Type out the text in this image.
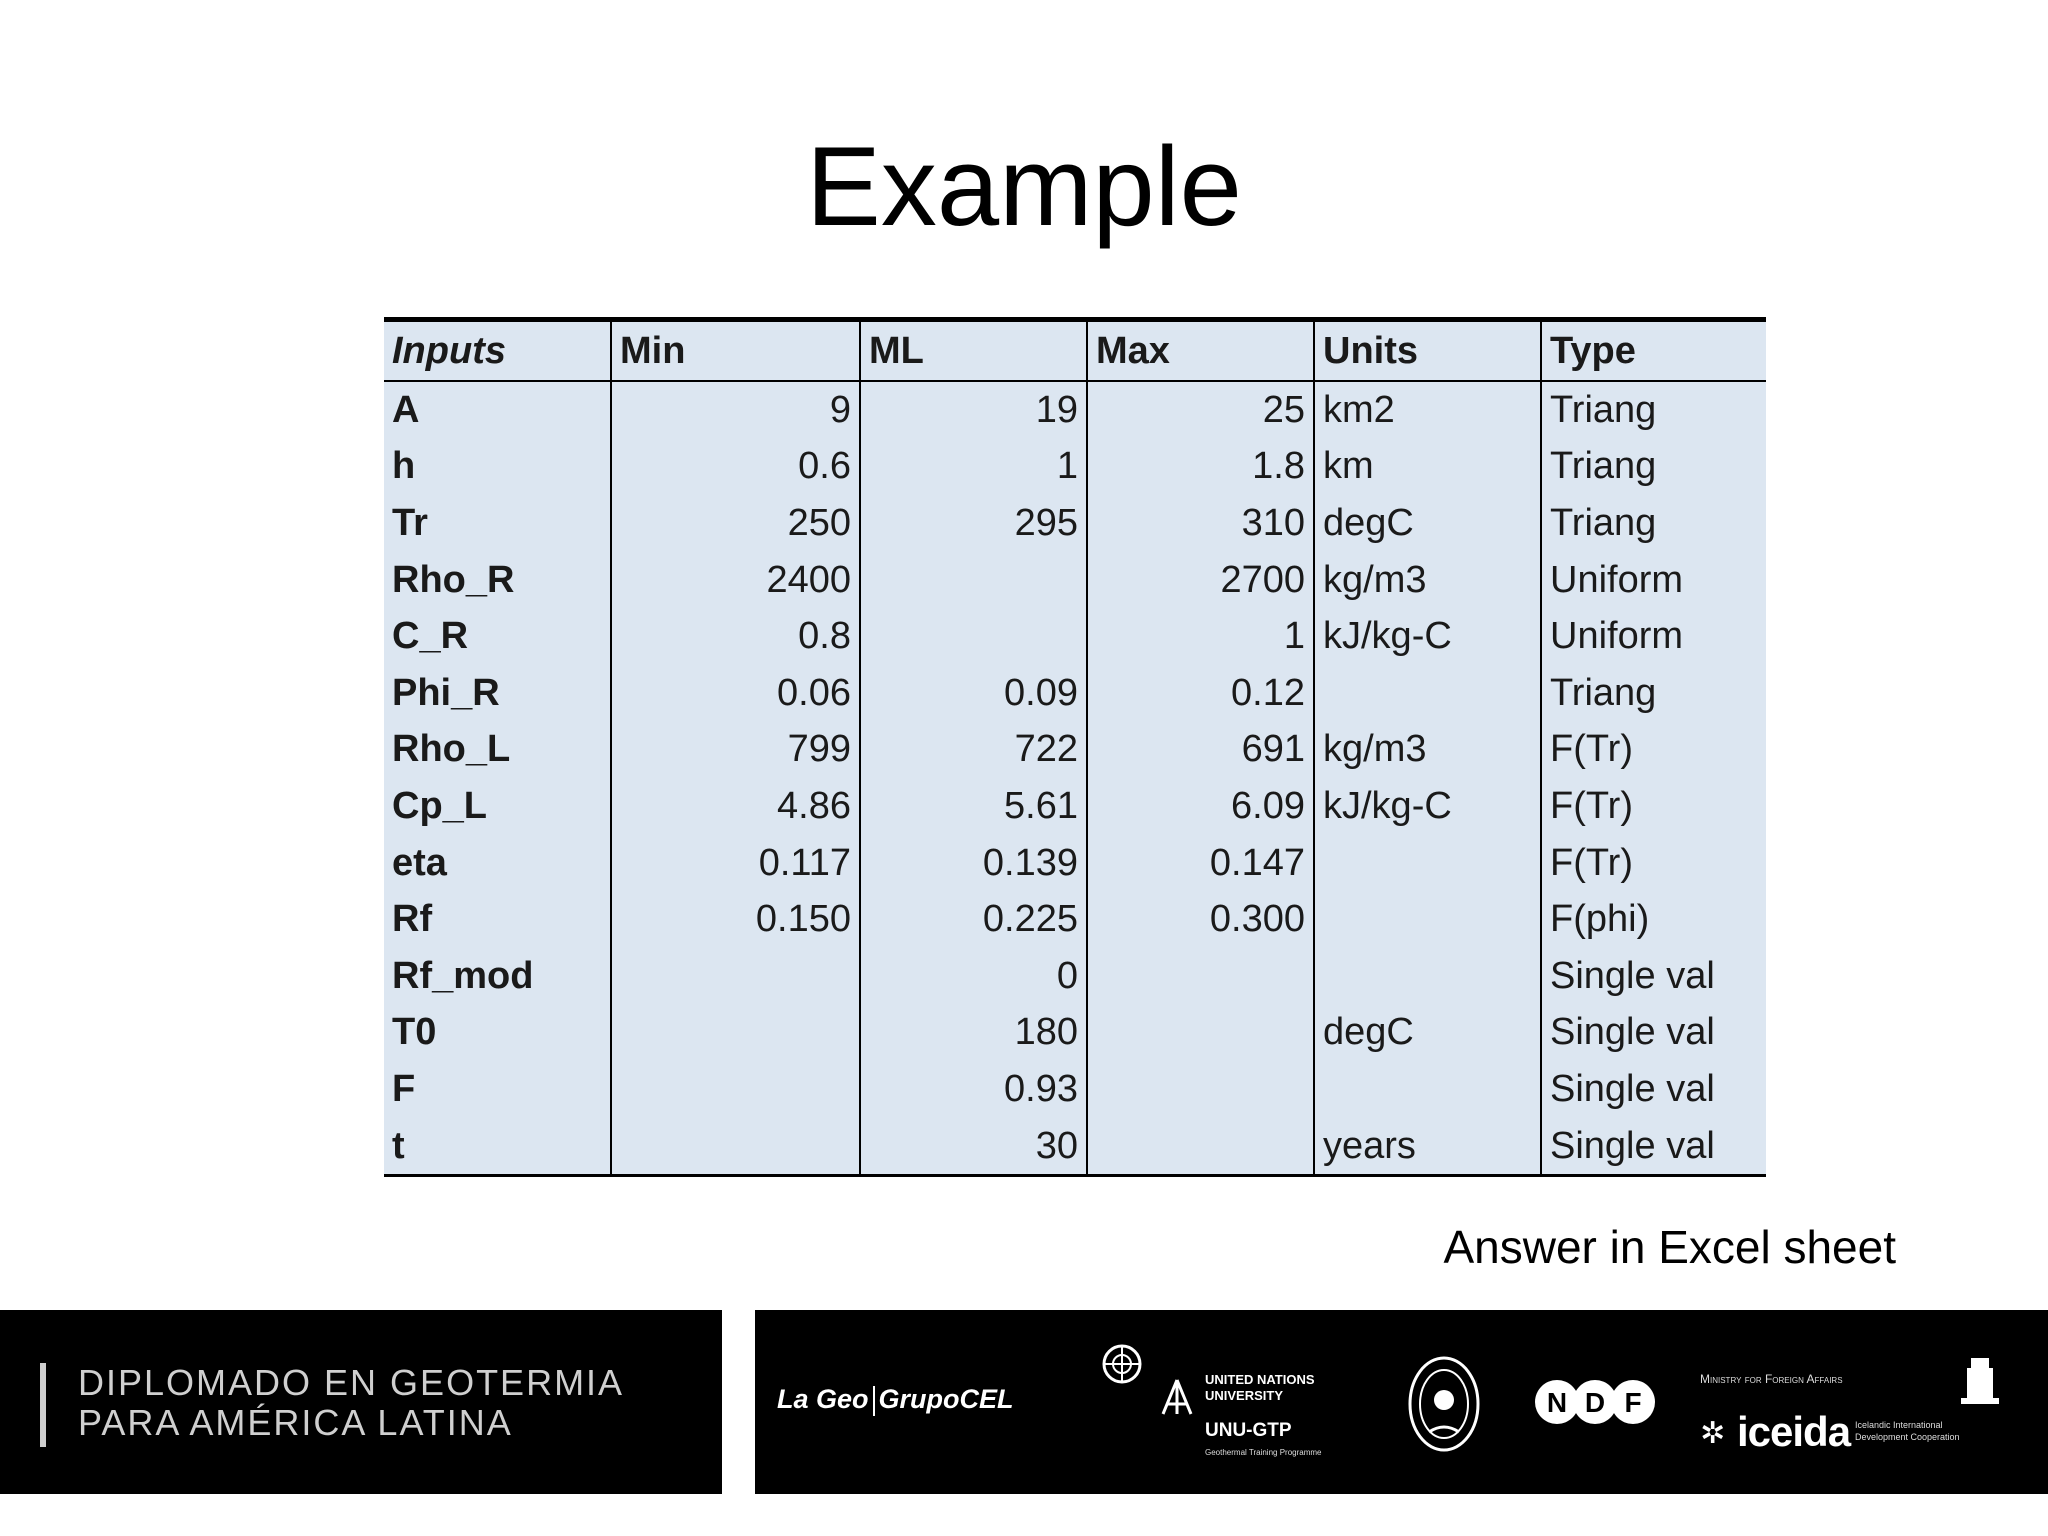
Example
Inputs	Min	ML	Max	Units	Type
A	9	19	25	km2	Triang
h	0.6	1	1.8	km	Triang
Tr	250	295	310	degC	Triang
Rho_R	2400		2700	kg/m3	Uniform
C_R	0.8		1	kJ/kg-C	Uniform
Phi_R	0.06	0.09	0.12		Triang
Rho_L	799	722	691	kg/m3	F(Tr)
Cp_L	4.86	5.61	6.09	kJ/kg-C	F(Tr)
eta	0.117	0.139	0.147		F(Tr)
Rf	0.150	0.225	0.300		F(phi)
Rf_mod		0			Single val
T0		180		degC	Single val
F		0.93			Single val
t		30		years	Single val
Answer in Excel sheet
DIPLOMADO EN GEOTERMIA
PARA AMÉRICA LATINA
La Geo GrupoCEL
UNITED NATIONS
UNIVERSITY
UNU-GTP
Geothermal Training Programme
N D F
Ministry for Foreign Affairs
✲ iceida Icelandic International
Development Cooperation
